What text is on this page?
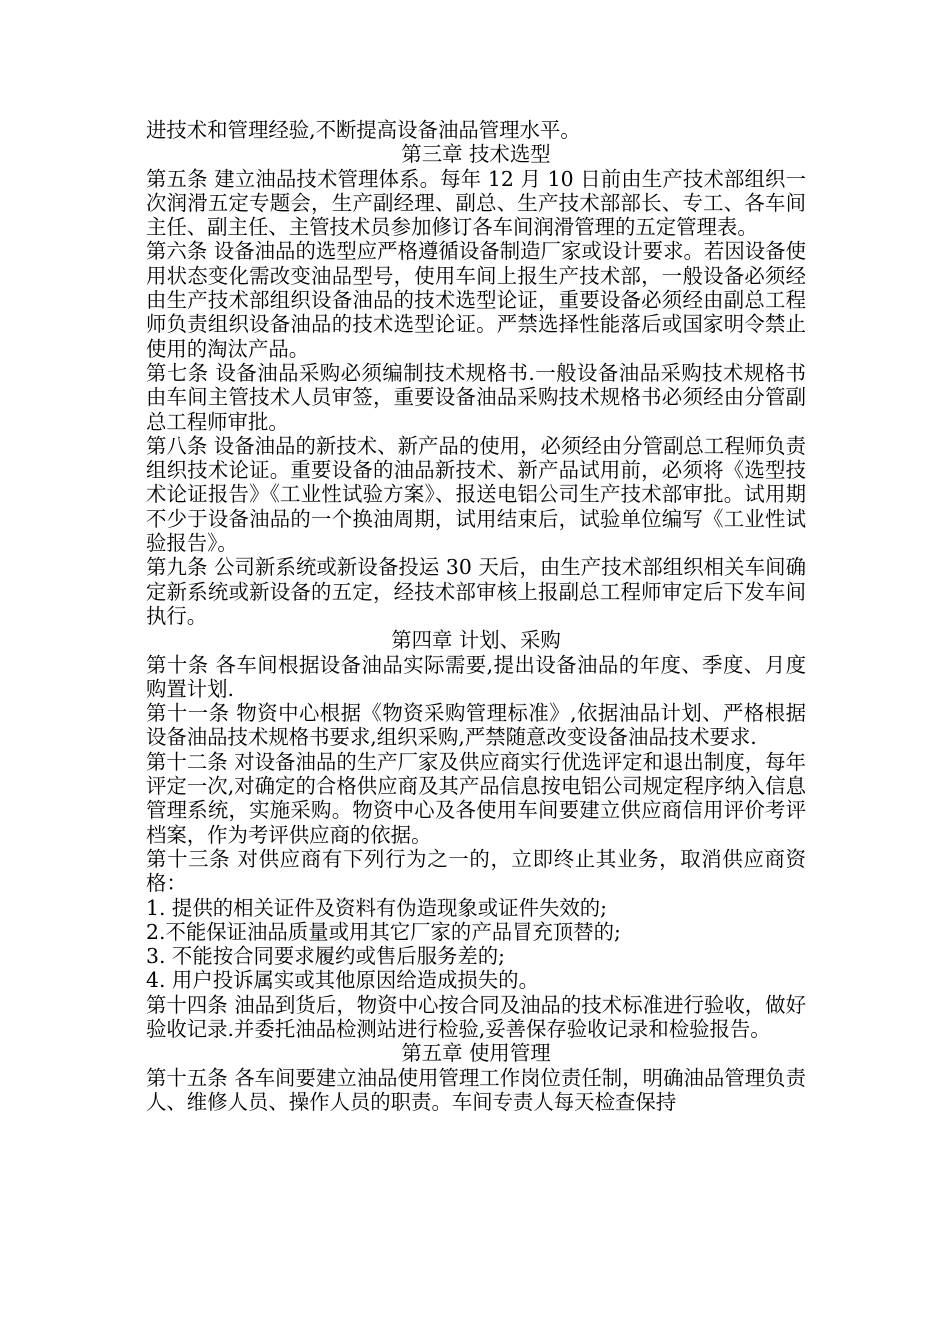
进技术和管理经验,不断提高设备油品管理水平。

第三章 技术选型

第五条 建立油品技术管理体系。每年 12 月 10 日前由生产技术部组织一次润滑五定专题会，生产副经理、副总、生产技术部部长、专工、各车间主任、副主任、主管技术员参加修订各车间润滑管理的五定管理表。

第六条 设备油品的选型应严格遵循设备制造厂家或设计要求。若因设备使用状态变化需改变油品型号，使用车间上报生产技术部，一般设备必须经由生产技术部组织设备油品的技术选型论证，重要设备必须经由副总工程师负责组织设备油品的技术选型论证。严禁选择性能落后或国家明令禁止使用的淘汰产品。

第七条 设备油品采购必须编制技术规格书.一般设备油品采购技术规格书由车间主管技术人员审签，重要设备油品采购技术规格书必须经由分管副总工程师审批。

第八条 设备油品的新技术、新产品的使用，必须经由分管副总工程师负责组织技术论证。重要设备的油品新技术、新产品试用前，必须将《选型技术论证报告》《工业性试验方案》、报送电铝公司生产技术部审批。试用期不少于设备油品的一个换油周期，试用结束后，试验单位编写《工业性试验报告》。

第九条 公司新系统或新设备投运 30 天后，由生产技术部组织相关车间确定新系统或新设备的五定，经技术部审核上报副总工程师审定后下发车间执行。

第四章 计划、采购

第十条 各车间根据设备油品实际需要,提出设备油品的年度、季度、月度购置计划.

第十一条 物资中心根据《物资采购管理标准》,依据油品计划、严格根据设备油品技术规格书要求,组织采购,严禁随意改变设备油品技术要求.

第十二条 对设备油品的生产厂家及供应商实行优选评定和退出制度，每年评定一次,对确定的合格供应商及其产品信息按电铝公司规定程序纳入信息管理系统，实施采购。物资中心及各使用车间要建立供应商信用评价考评档案，作为考评供应商的依据。

第十三条 对供应商有下列行为之一的，立即终止其业务，取消供应商资格：

1. 提供的相关证件及资料有伪造现象或证件失效的;

2.不能保证油品质量或用其它厂家的产品冒充顶替的;

3. 不能按合同要求履约或售后服务差的;

4. 用户投诉属实或其他原因给造成损失的。

第十四条 油品到货后，物资中心按合同及油品的技术标准进行验收，做好验收记录.并委托油品检测站进行检验,妥善保存验收记录和检验报告。

第五章 使用管理

第十五条 各车间要建立油品使用管理工作岗位责任制，明确油品管理负责人、维修人员、操作人员的职责。车间专责人每天检查保持
